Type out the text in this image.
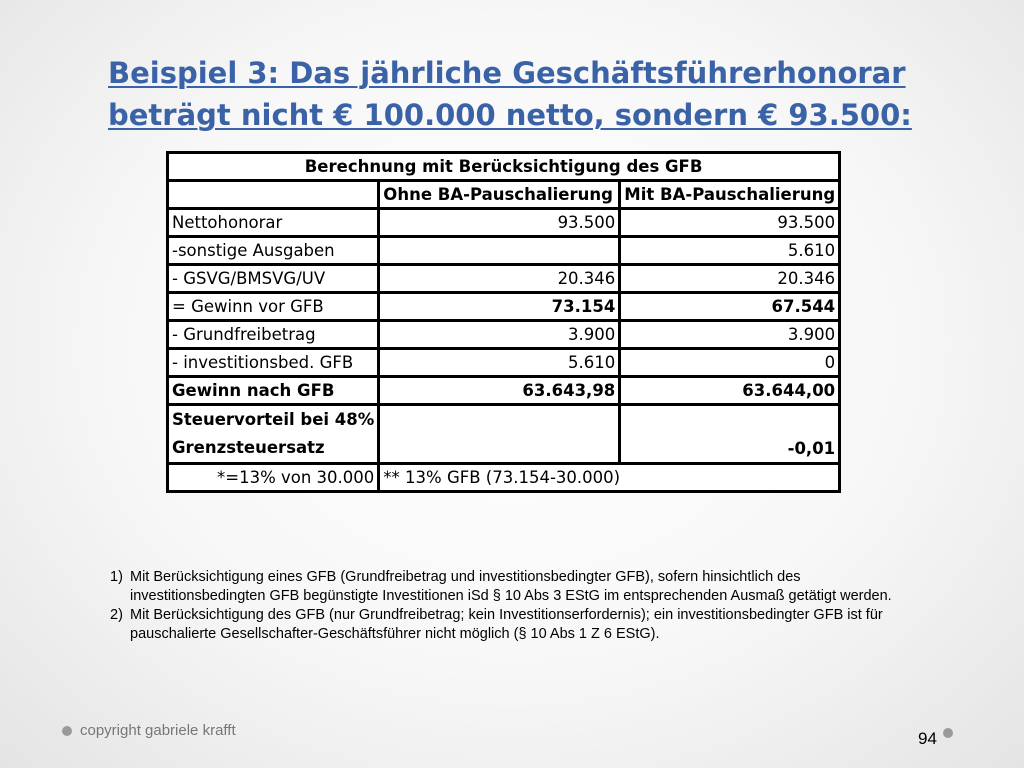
Beispiel 3: Das jährliche Geschäftsführerhonorar
beträgt nicht € 100.000 netto, sondern € 93.500:
Berechnung mit Berücksichtigung des GFB		
	Ohne BA-Pauschalierung	Mit BA-Pauschalierung
Nettohonorar	93.500	93.500
-sonstige Ausgaben		5.610
- GSVG/BMSVG/UV	20.346	20.346
= Gewinn vor GFB	73.154	67.544
- Grundfreibetrag	3.900	3.900
- investitionsbed. GFB	5.610	0
Gewinn nach GFB	63.643,98	63.644,00

Steuervorteil bei 48%
Grenzsteuersatz		-0,01
*=13% von 30.000	** 13% GFB (73.154-30.000)	
1) Mit Berücksichtigung eines GFB (Grundfreibetrag und investitionsbedingter GFB), sofern hinsichtlich des investitionsbedingten GFB begünstigte Investitionen iSd § 10 Abs 3 EStG im entsprechenden Ausmaß getätigt werden.
2) Mit Berücksichtigung des GFB (nur Grundfreibetrag; kein Investitionserfordernis); ein investitionsbedingter GFB ist für pauschalierte Gesellschafter-Geschäftsführer nicht möglich (§ 10 Abs 1 Z 6 EStG).
copyright gabriele krafft	94
